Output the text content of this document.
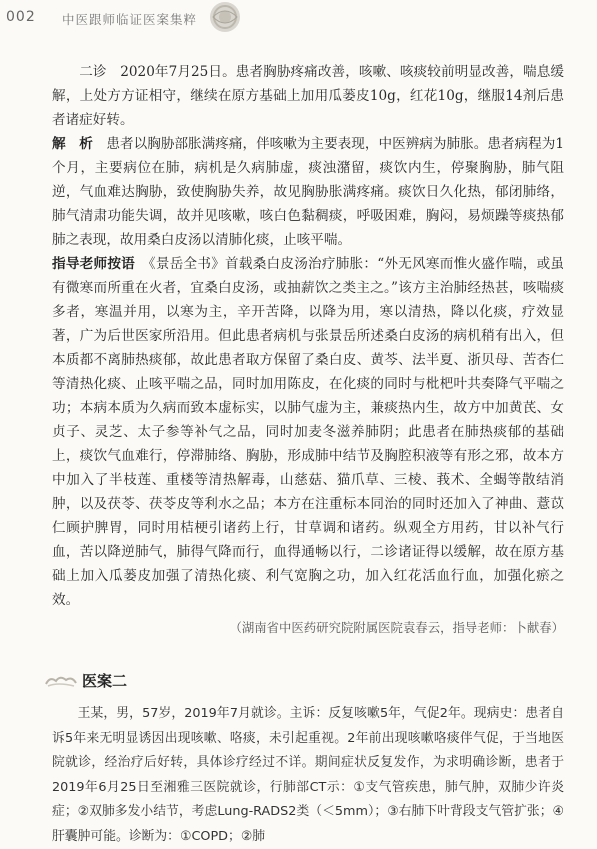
002 中医跟师临证医案集粹

二诊　 2020年7月25日。患者胸胁疼痛改善，咳嗽、咳痰较前明显改善，喘息缓解，上处方方证相守，继续在原方基础上加用瓜蒌皮10g，红花10g，继服14剂后患者诸症好转。

解　析　 患者以胸胁部胀满疼痛，伴咳嗽为主要表现，中医辨病为肺胀。患者病程为1个月，主要病位在肺，病机是久病肺虚，痰浊潴留，痰饮内生，停聚胸胁，肺气阻逆，气血难达胸胁，致使胸胁失养，故见胸胁胀满疼痛。痰饮日久化热，郁闭肺络，肺气清肃功能失调，故并见咳嗽，咳白色黏稠痰，呼吸困难，胸闷，易烦躁等痰热郁肺之表现，故用桑白皮汤以清肺化痰，止咳平喘。

指导老师按语　 《景岳全书》首载桑白皮汤治疗肺胀：“外无风寒而惟火盛作喘，或虽有微寒而所重在火者，宜桑白皮汤，或抽薪饮之类主之。”该方主治肺经热甚，咳喘痰多者，寒温并用，以寒为主，辛开苦降，以降为用，寒以清热，降以化痰，疗效显著，广为后世医家所沿用。但此患者病机与张景岳所述桑白皮汤的病机稍有出入，但本质都不离肺热痰郁，故此患者取方保留了桑白皮、黄芩、法半夏、浙贝母、苦杏仁等清热化痰、止咳平喘之品，同时加用陈皮，在化痰的同时与枇杷叶共奏降气平喘之功；本病本质为久病而致本虚标实，以肺气虚为主，兼痰热内生，故方中加黄芪、女贞子、灵芝、太子参等补气之品，同时加麦冬滋养肺阴；此患者在肺热痰郁的基础上，痰饮气血难行，停滞肺络、胸胁，形成肺中结节及胸腔积液等有形之邪，故本方中加入了半枝莲、重楼等清热解毒，山慈菇、猫爪草、三棱、莪术、全蝎等散结消肿，以及茯苓、茯苓皮等利水之品；本方在注重标本同治的同时还加入了神曲、薏苡仁顾护脾胃，同时用桔梗引诸药上行，甘草调和诸药。纵观全方用药，甘以补气行血，苦以降逆肺气，肺得气降而行，血得通畅以行，二诊诸证得以缓解，故在原方基础上加入瓜蒌皮加强了清热化痰、利气宽胸之功，加入红花活血行血，加强化瘀之效。

（湖南省中医药研究院附属医院袁春云，指导老师：卜献春）
医案二

王某，男，57岁，2019年7月就诊。主诉：反复咳嗽5年，气促2年。现病史：患者自诉5年来无明显诱因出现咳嗽、咯痰，未引起重视。2年前出现咳嗽咯痰伴气促，于当地医院就诊，经治疗后好转，具体诊疗经过不详。期间症状反复发作，为求明确诊断，患者于2019年6月25日至湘雅三医院就诊，行肺部CT示：①支气管疾患，肺气肿，双肺少许炎症；②双肺多发小结节，考虑Lung-RADS2类（＜5mm）；③右肺下叶背段支气管扩张；④肝囊肿可能。诊断为：①COPD；②肺
